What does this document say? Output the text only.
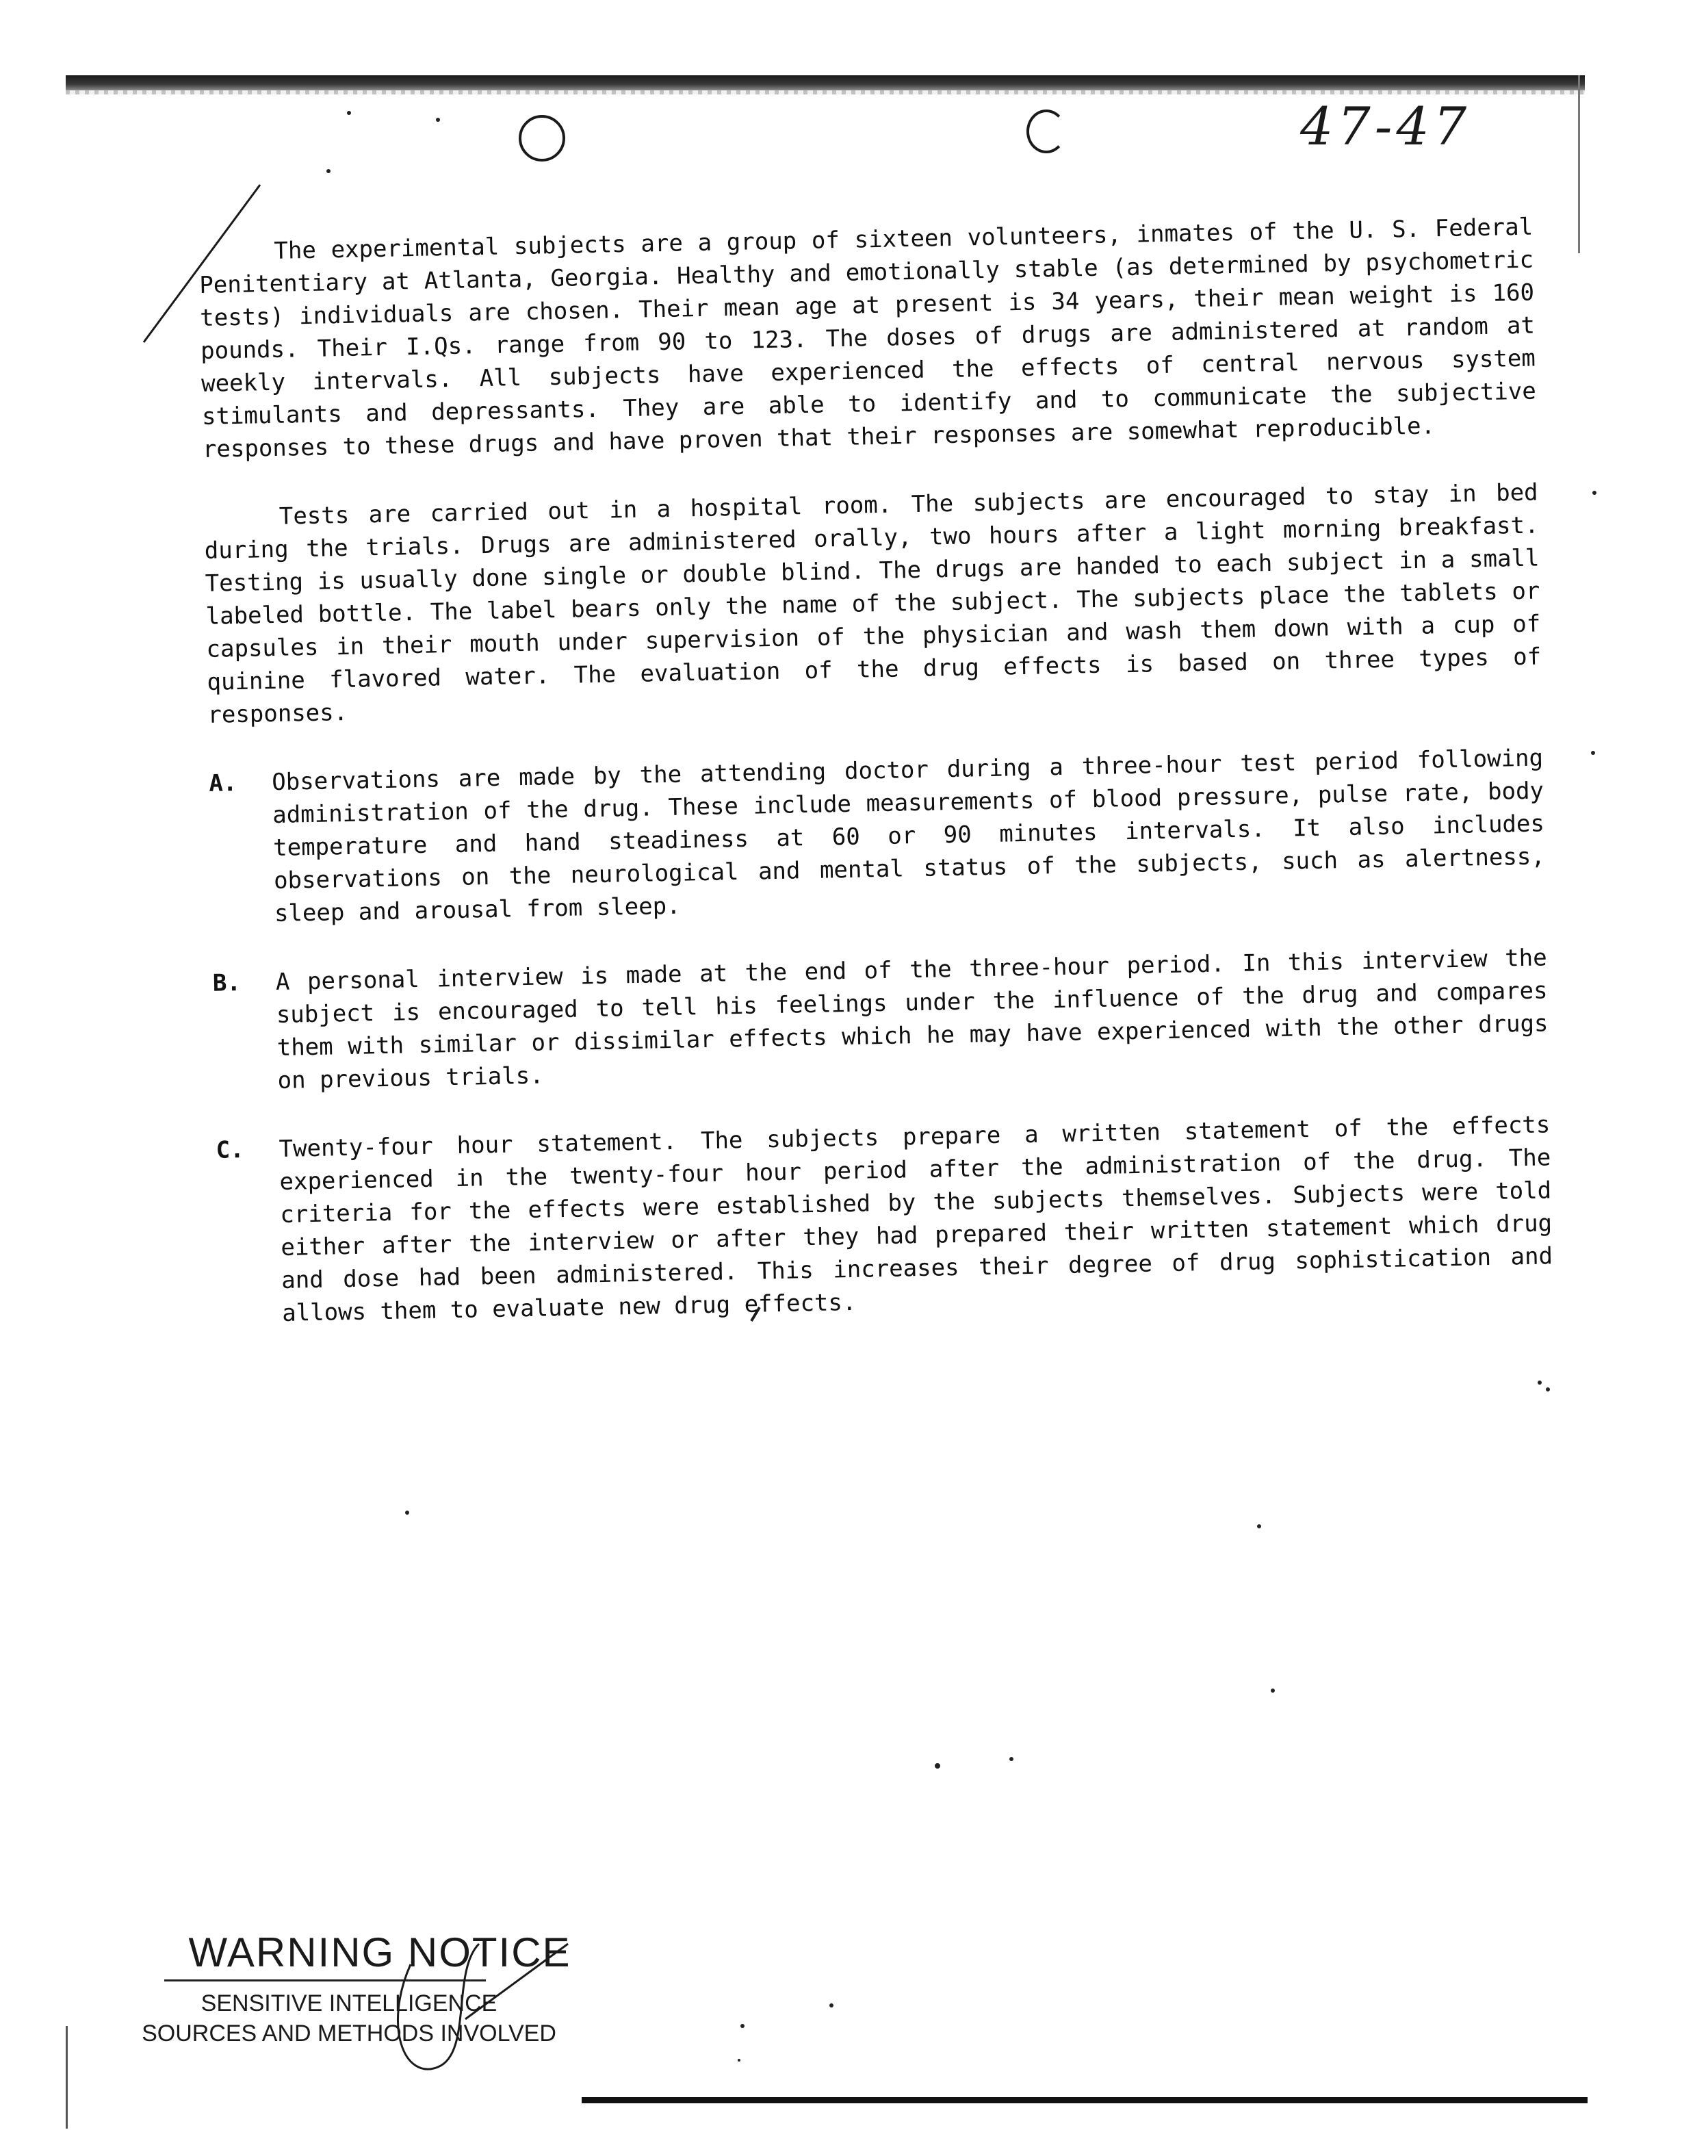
47-47

The experimental subjects are a group of sixteen volunteers, inmates of the U. S. Federal Penitentiary at Atlanta, Georgia. Healthy and emotionally stable (as determined by psychometric tests) individuals are chosen. Their mean age at present is 34 years, their mean weight is 160 pounds. Their I.Qs. range from 90 to 123. The doses of drugs are administered at random at weekly intervals. All subjects have experienced the effects of central nervous system stimulants and depressants. They are able to identify and to communicate the subjective responses to these drugs and have proven that their responses are somewhat reproducible.

Tests are carried out in a hospital room. The subjects are encouraged to stay in bed during the trials. Drugs are administered orally, two hours after a light morning breakfast. Testing is usually done single or double blind. The drugs are handed to each subject in a small labeled bottle. The label bears only the name of the subject. The subjects place the tablets or capsules in their mouth under supervision of the physician and wash them down with a cup of quinine flavored water. The evaluation of the drug effects is based on three types of responses.

A.	Observations are made by the attending doctor during a three-hour test period following administration of the drug. These include measurements of blood pressure, pulse rate, body temperature and hand steadiness at 60 or 90 minutes intervals. It also includes observations on the neurological and mental status of the subjects, such as alertness, sleep and arousal from sleep.
B.	A personal interview is made at the end of the three-hour period. In this interview the subject is encouraged to tell his feelings under the influence of the drug and compares them with similar or dissimilar effects which he may have experienced with the other drugs on previous trials.
C.	Twenty-four hour statement. The subjects prepare a written statement of the effects experienced in the twenty-four hour period after the administration of the drug. The criteria for the effects were established by the subjects themselves. Subjects were told either after the interview or after they had prepared their written statement which drug and dose had been administered. This increases their degree of drug sophistication and allows them to evaluate new drug effects.
WARNING NOTICE
SENSITIVE INTELLIGENCE
SOURCES AND METHODS INVOLVED
